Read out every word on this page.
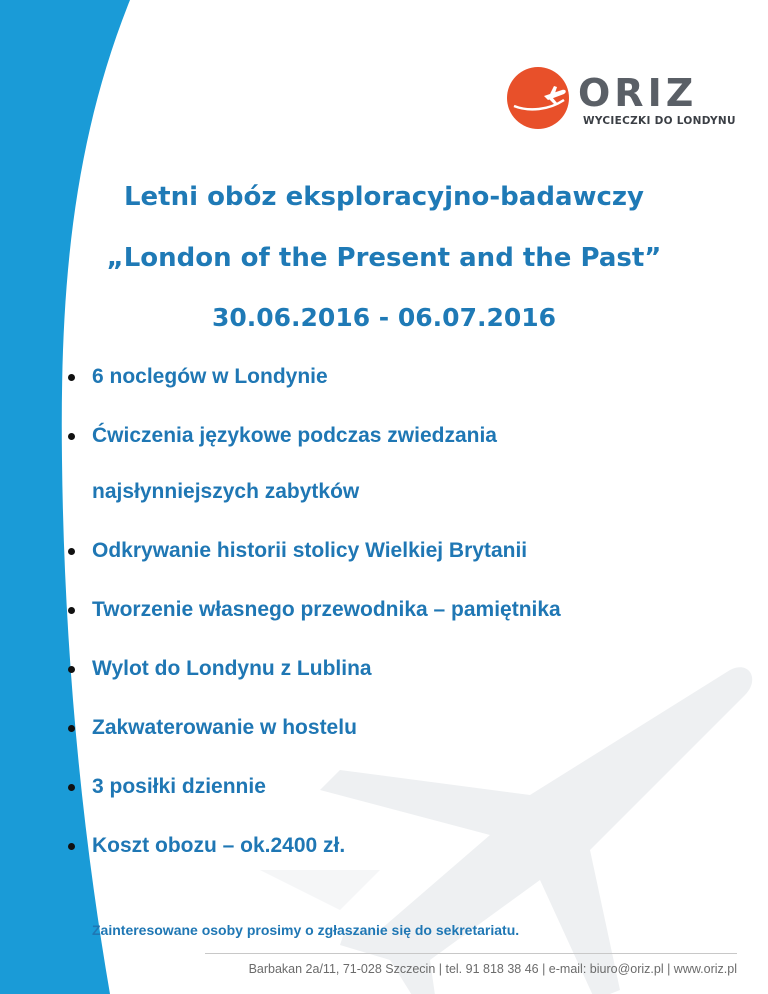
ORIZ
WYCIECZKI DO LONDYNU
Letni obóz eksploracyjno-badawczy
„London of the Present and the Past”
30.06.2016 - 06.07.2016
6 noclegów w Londynie
Ćwiczenia językowe podczas zwiedzania
najsłynniejszych zabytków
Odkrywanie historii stolicy Wielkiej Brytanii
Tworzenie własnego przewodnika – pamiętnika
Wylot do Londynu z Lublina
Zakwaterowanie w hostelu
3 posiłki dziennie
Koszt obozu – ok.2400 zł.
Zainteresowane osoby prosimy o zgłaszanie się do sekretariatu.
Barbakan 2a/11, 71-028 Szczecin | tel. 91 818 38 46 | e-mail: biuro@oriz.pl | www.oriz.pl
